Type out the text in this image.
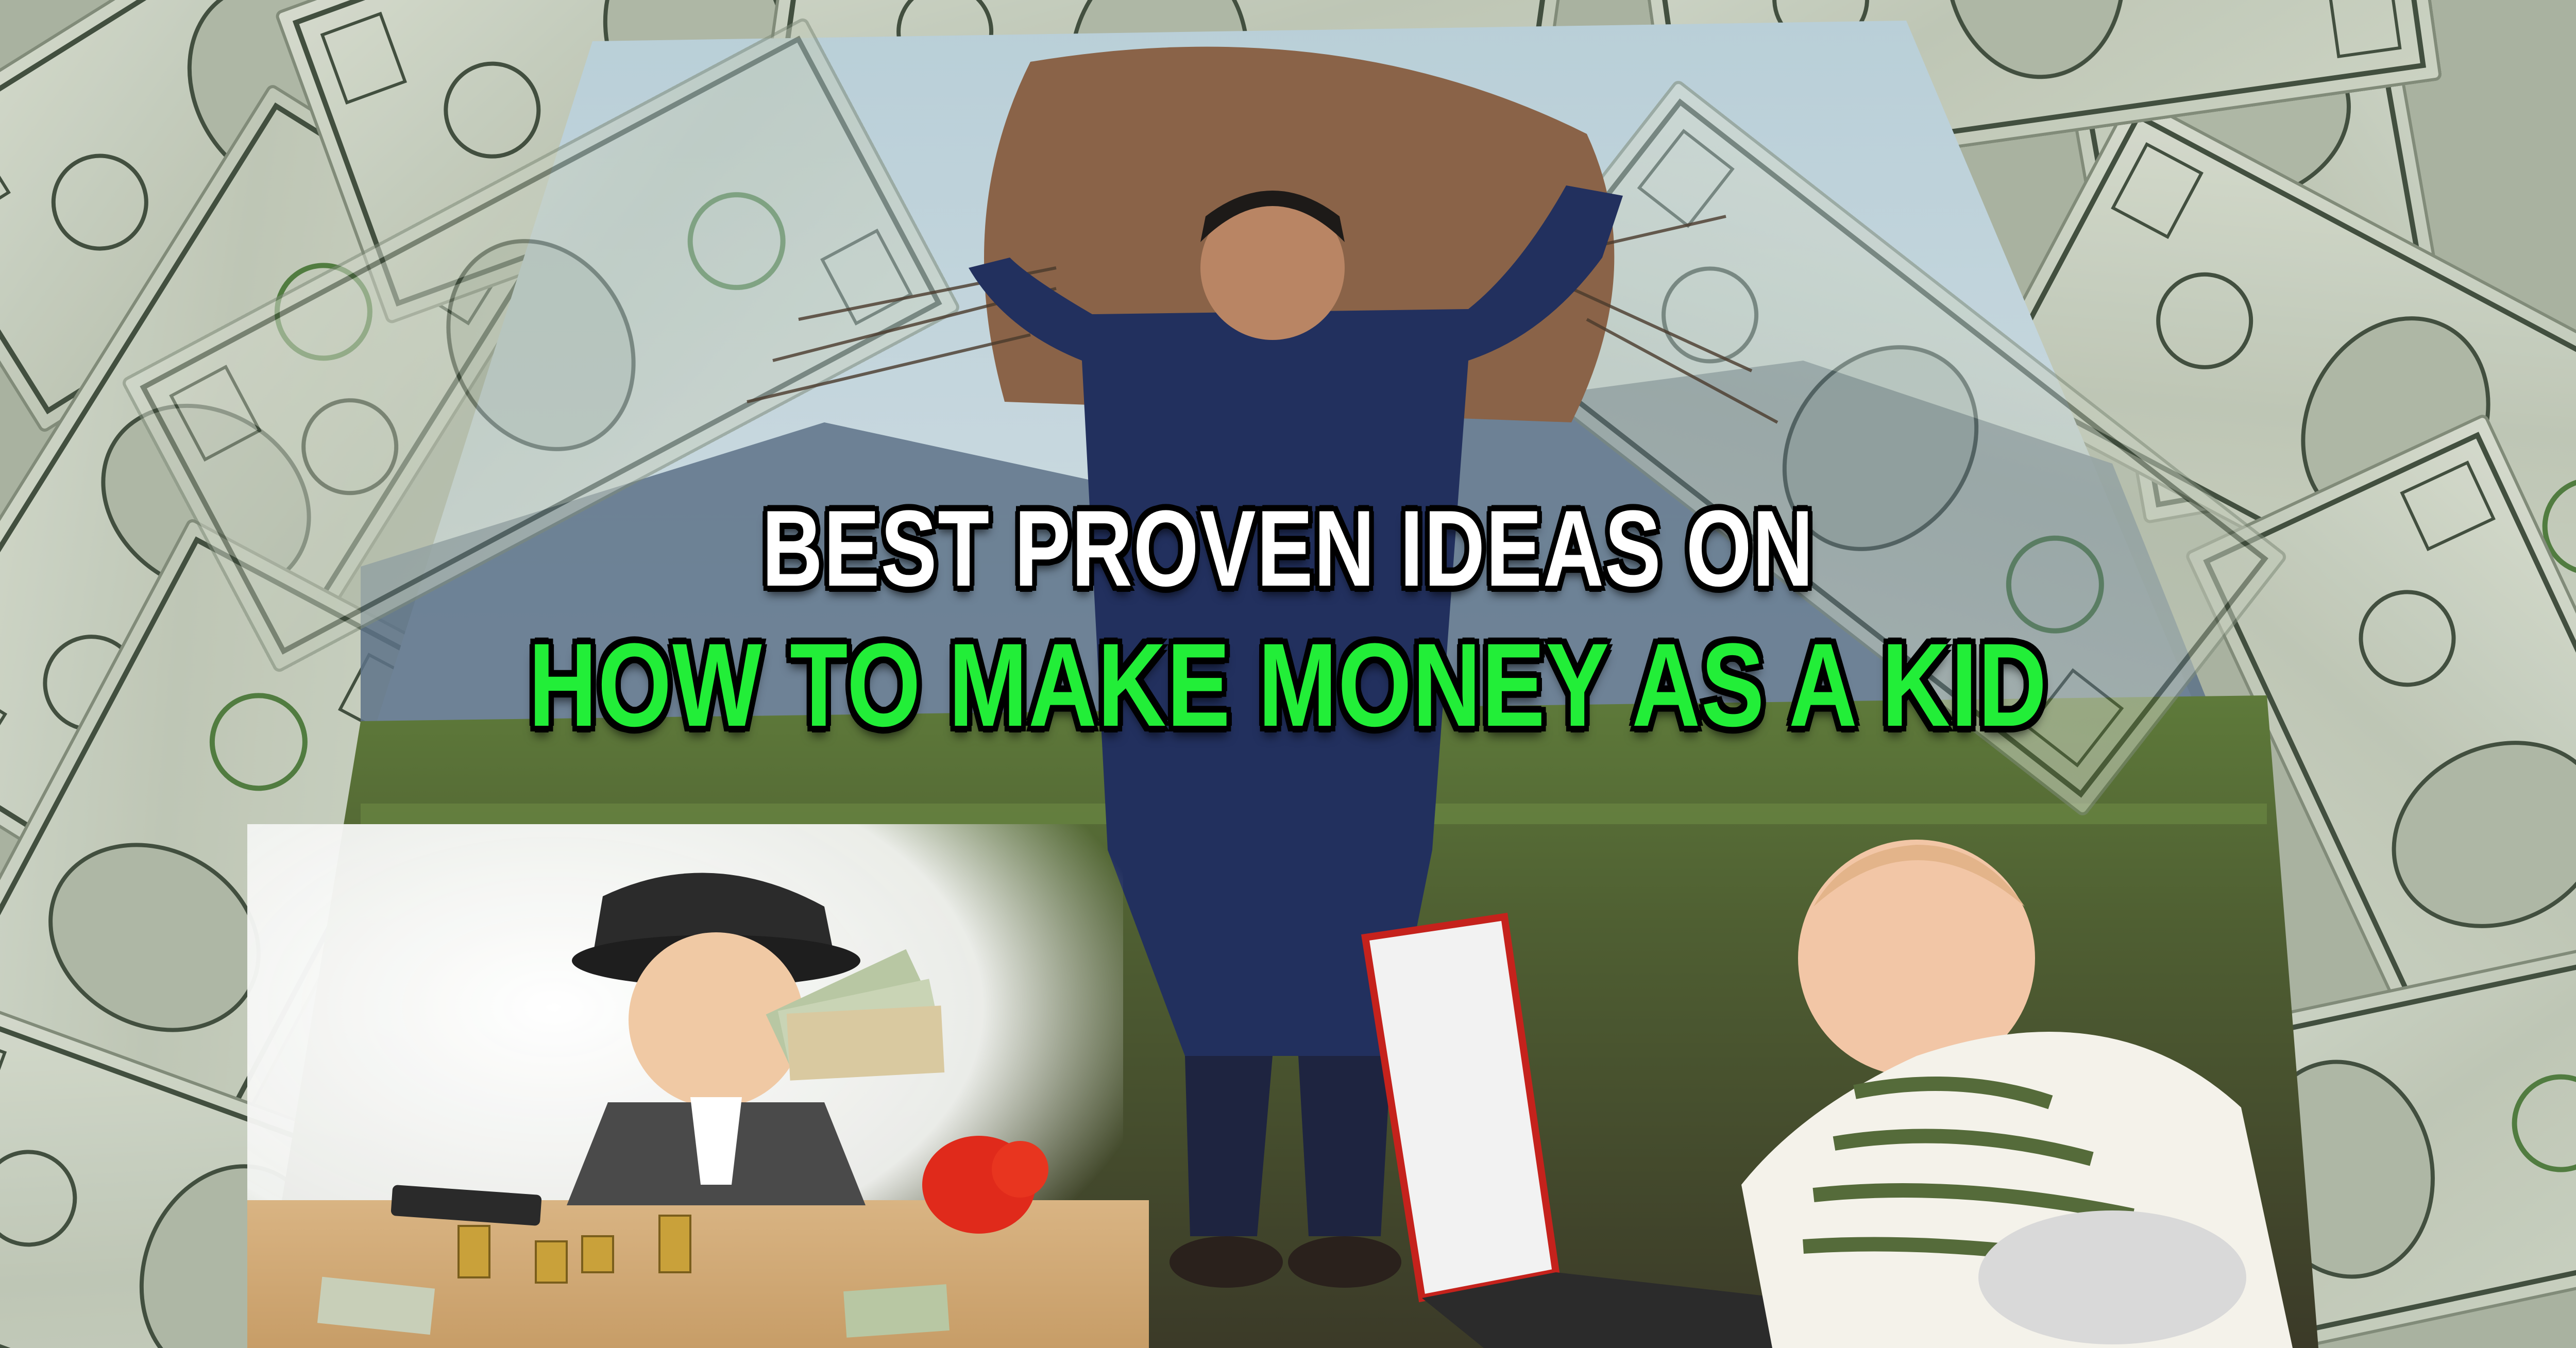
BEST PROVEN IDEAS ON
HOW TO MAKE MONEY AS A KID
